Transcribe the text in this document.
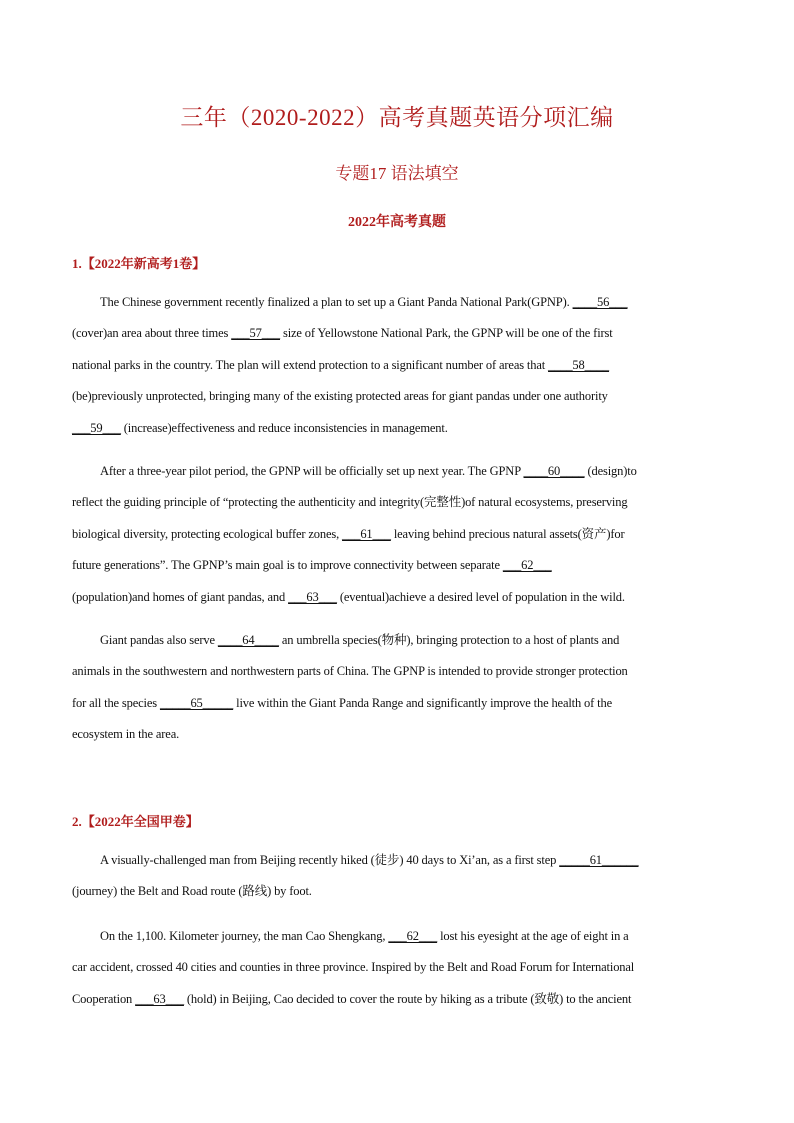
三年（2020-2022）高考真题英语分项汇编
专题17 语法填空
2022年高考真题
1.【2022年新高考1卷】
The Chinese government recently finalized a plan to set up a Giant Panda National Park(GPNP). ____56___
(cover)an area about three times ___57___ size of Yellowstone National Park, the GPNP will be one of the first
national parks in the country. The plan will extend protection to a significant number of areas that ____58____
(be)previously unprotected, bringing many of the existing protected areas for giant pandas under one authority
___59___ (increase)effectiveness and reduce inconsistencies in management.
After a three-year pilot period, the GPNP will be officially set up next year. The GPNP ____60____ (design)to
reflect the guiding principle of “protecting the authenticity and integrity(完整性)of natural ecosystems, preserving
biological diversity, protecting ecological buffer zones, ___61___ leaving behind precious natural assets(资产)for
future generations”. The GPNP’s main goal is to improve connectivity between separate ___62___
(population)and homes of giant pandas, and ___63___ (eventual)achieve a desired level of population in the wild.
Giant pandas also serve ____64____ an umbrella species(物种), bringing protection to a host of plants and
animals in the southwestern and northwestern parts of China. The GPNP is intended to provide stronger protection
for all the species _____65_____ live within the Giant Panda Range and significantly improve the health of the
ecosystem in the area.
2.【2022年全国甲卷】
A visually-challenged man from Beijing recently hiked (徒步) 40 days to Xi’an, as a first step _____61______
(journey) the Belt and Road route (路线) by foot.
On the 1,100. Kilometer journey, the man Cao Shengkang, ___62___ lost his eyesight at the age of eight in a
car accident, crossed 40 cities and counties in three province. Inspired by the Belt and Road Forum for International
Cooperation ___63___ (hold) in Beijing, Cao decided to cover the route by hiking as a tribute (致敬) to the ancient
